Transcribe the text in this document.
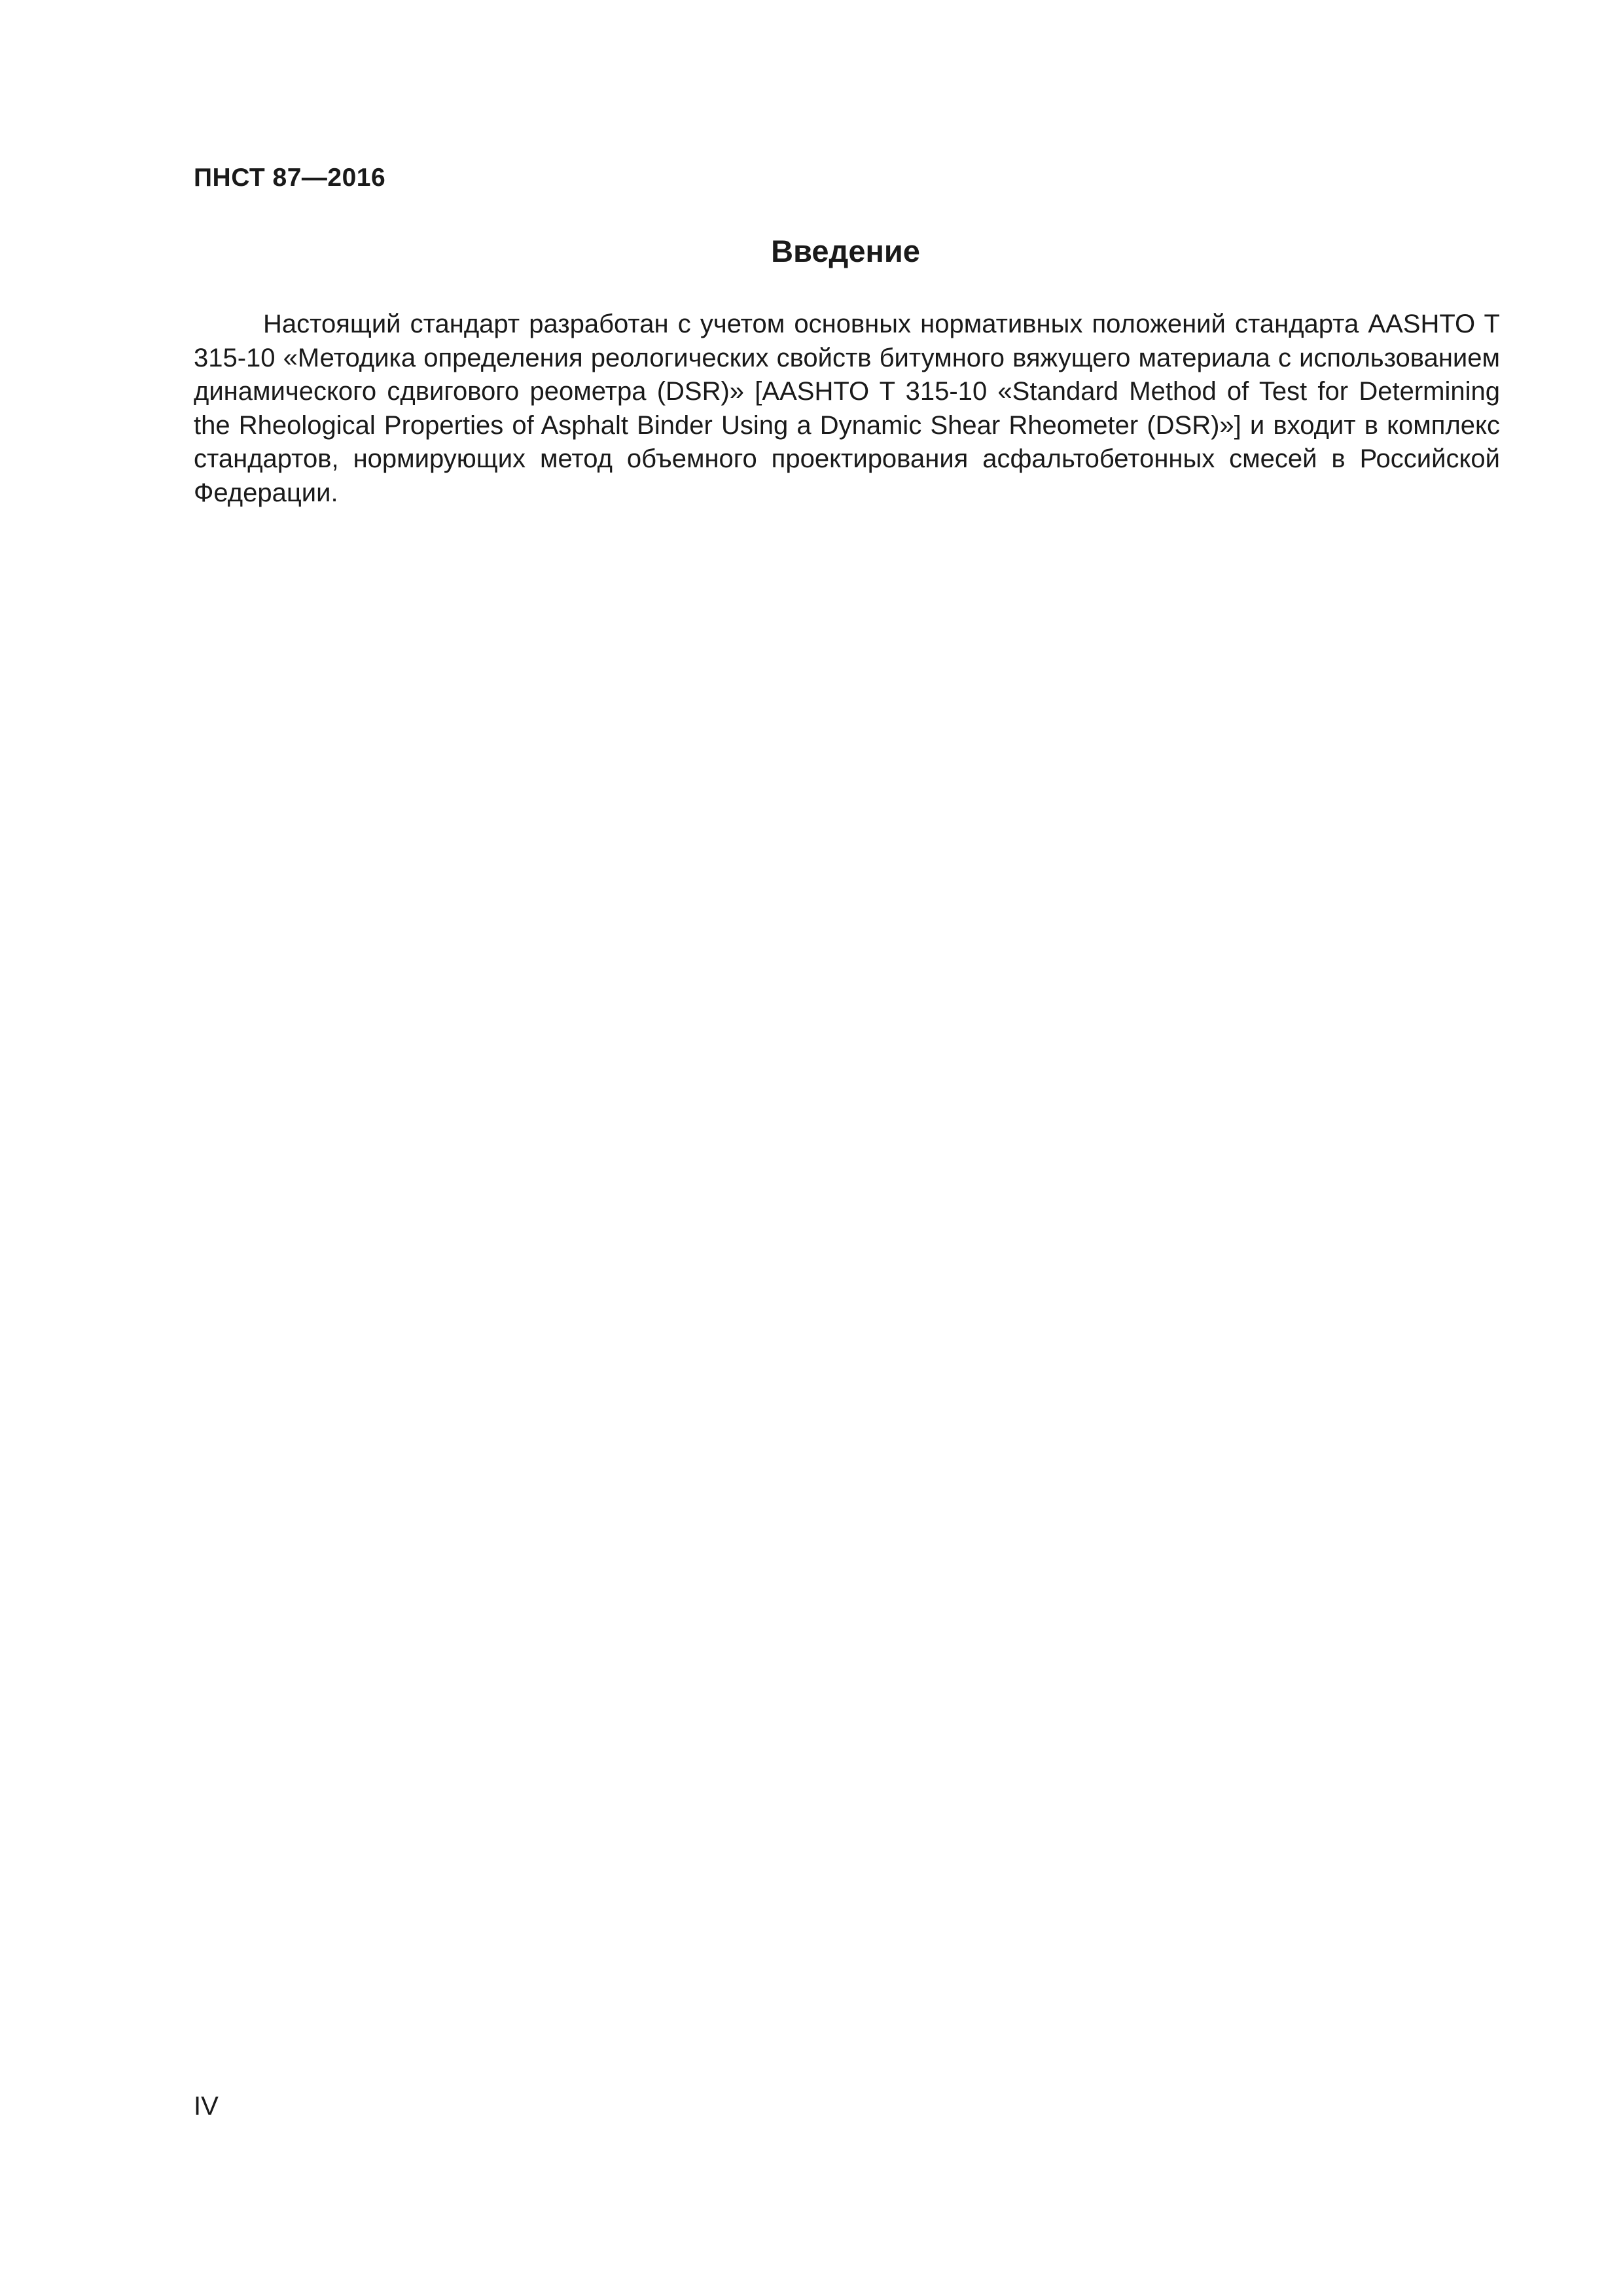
ПНСТ 87—2016
Введение

Настоящий стандарт разработан с учетом основных нормативных положений стандарта AASHTO T 315-10 «Методика определения реологических свойств битумного вяжущего материала с использованием динамического сдвигового реометра (DSR)» [AASHTO T 315-10 «Standard Method of Test for Determining the Rheological Properties of Asphalt Binder Using a Dynamic Shear Rheometer (DSR)»] и входит в комплекс стандартов, нормирующих метод объемного проектирования асфальтобетонных смесей в Российской Федерации.

IV
